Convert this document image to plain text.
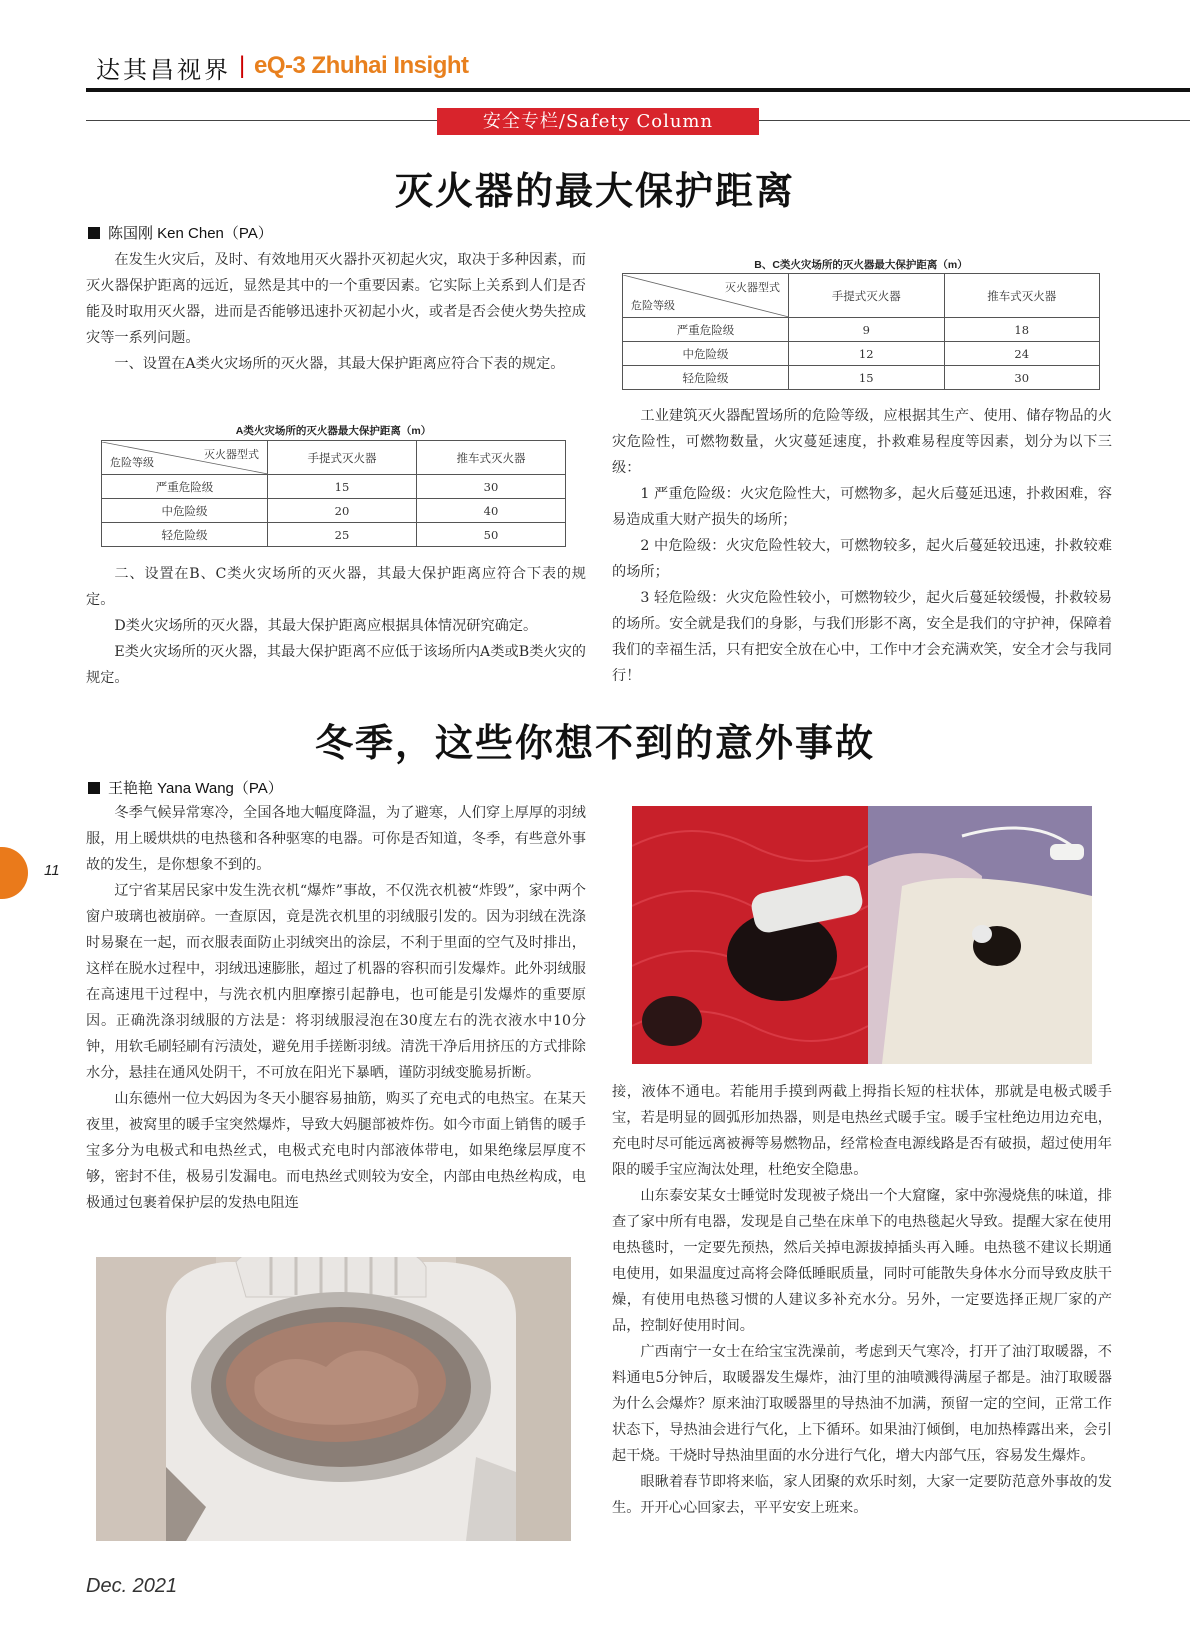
达其昌视界 | eQ-3 Zhuhai Insight
安全专栏/Safety Column
灭火器的最大保护距离
陈国刚 Ken Chen（PA）

在发生火灾后，及时、有效地用灭火器扑灭初起火灾，取决于多种因素，而灭火器保护距离的远近，显然是其中的一个重要因素。它实际上关系到人们是否能及时取用灭火器，进而是否能够迅速扑灭初起小火，或者是否会使火势失控成灾等一系列问题。

一、设置在A类火灾场所的灭火器，其最大保护距离应符合下表的规定。

A类火灾场所的灭火器最大保护距离（m）
灭火器型式
危险等级	手提式灭火器	推车式灭火器
严重危险级	15	30
中危险级	20	40
轻危险级	25	50

二、设置在B、C类火灾场所的灭火器，其最大保护距离应符合下表的规定。

D类火灾场所的灭火器，其最大保护距离应根据具体情况研究确定。

E类火灾场所的灭火器，其最大保护距离不应低于该场所内A类或B类火灾的规定。

B、C类火灾场所的灭火器最大保护距离（m）
灭火器型式
危险等级	手提式灭火器	推车式灭火器
严重危险级	9	18
中危险级	12	24
轻危险级	15	30

工业建筑灭火器配置场所的危险等级，应根据其生产、使用、储存物品的火灾危险性，可燃物数量，火灾蔓延速度，扑救难易程度等因素，划分为以下三级：

1 严重危险级：火灾危险性大，可燃物多，起火后蔓延迅速，扑救困难，容易造成重大财产损失的场所；

2 中危险级：火灾危险性较大，可燃物较多，起火后蔓延较迅速，扑救较难的场所；

3 轻危险级：火灾危险性较小，可燃物较少，起火后蔓延较缓慢，扑救较易的场所。安全就是我们的身影，与我们形影不离，安全是我们的守护神，保障着我们的幸福生活，只有把安全放在心中，工作中才会充满欢笑，安全才会与我同行！

冬季，这些你想不到的意外事故
王艳艳 Yana Wang（PA）
11

冬季气候异常寒冷，全国各地大幅度降温，为了避寒，人们穿上厚厚的羽绒服，用上暖烘烘的电热毯和各种驱寒的电器。可你是否知道，冬季，有些意外事故的发生，是你想象不到的。

辽宁省某居民家中发生洗衣机“爆炸”事故，不仅洗衣机被“炸毁”，家中两个窗户玻璃也被崩碎。一查原因，竟是洗衣机里的羽绒服引发的。因为羽绒在洗涤时易聚在一起，而衣服表面防止羽绒突出的涂层，不利于里面的空气及时排出，这样在脱水过程中，羽绒迅速膨胀，超过了机器的容积而引发爆炸。此外羽绒服在高速甩干过程中，与洗衣机内胆摩擦引起静电，也可能是引发爆炸的重要原因。正确洗涤羽绒服的方法是：将羽绒服浸泡在30度左右的洗衣液水中10分钟，用软毛刷轻刷有污渍处，避免用手搓断羽绒。清洗干净后用挤压的方式排除水分，悬挂在通风处阴干，不可放在阳光下暴晒，谨防羽绒变脆易折断。

山东德州一位大妈因为冬天小腿容易抽筋，购买了充电式的电热宝。在某天夜里，被窝里的暖手宝突然爆炸，导致大妈腿部被炸伤。如今市面上销售的暖手宝多分为电极式和电热丝式，电极式充电时内部液体带电，如果绝缘层厚度不够，密封不佳，极易引发漏电。而电热丝式则较为安全，内部由电热丝构成，电极通过包裹着保护层的发热电阻连

接，液体不通电。若能用手摸到两截上拇指长短的柱状体，那就是电极式暖手宝，若是明显的圆弧形加热器，则是电热丝式暖手宝。暖手宝杜绝边用边充电，充电时尽可能远离被褥等易燃物品，经常检查电源线路是否有破损，超过使用年限的暖手宝应淘汰处理，杜绝安全隐患。

山东泰安某女士睡觉时发现被子烧出一个大窟窿，家中弥漫烧焦的味道，排查了家中所有电器，发现是自己垫在床单下的电热毯起火导致。提醒大家在使用电热毯时，一定要先预热，然后关掉电源拔掉插头再入睡。电热毯不建议长期通电使用，如果温度过高将会降低睡眠质量，同时可能散失身体水分而导致皮肤干燥，有使用电热毯习惯的人建议多补充水分。另外，一定要选择正规厂家的产品，控制好使用时间。

广西南宁一女士在给宝宝洗澡前，考虑到天气寒冷，打开了油汀取暖器，不料通电5分钟后，取暖器发生爆炸，油汀里的油喷溅得满屋子都是。油汀取暖器为什么会爆炸？原来油汀取暖器里的导热油不加满，预留一定的空间，正常工作状态下，导热油会进行气化，上下循环。如果油汀倾倒，电加热棒露出来，会引起干烧。干烧时导热油里面的水分进行气化，增大内部气压，容易发生爆炸。

眼瞅着春节即将来临，家人团聚的欢乐时刻，大家一定要防范意外事故的发生。开开心心回家去，平平安安上班来。

Dec. 2021
